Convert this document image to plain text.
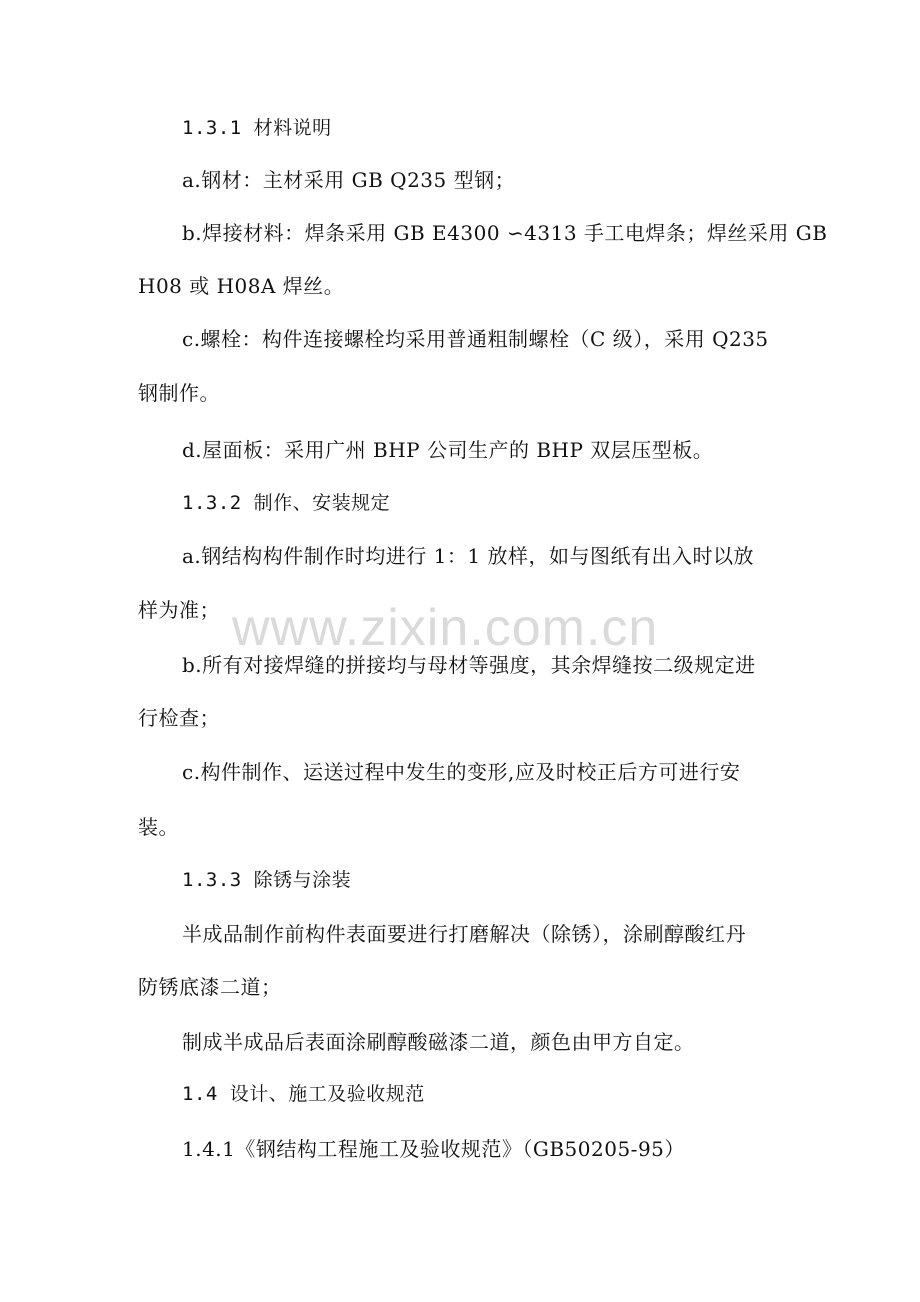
www.zixin.com.cn
1.3.1 材料说明
a.钢材：主材采用 GB Q235 型钢；
b.焊接材料：焊条采用 GB E4300 ∽4313 手工电焊条；焊丝采用 GB
H08 或 H08A 焊丝。
c.螺栓：构件连接螺栓均采用普通粗制螺栓（C 级），采用 Q235
钢制作。
d.屋面板：采用广州 BHP 公司生产的 BHP 双层压型板。
1.3.2 制作、安装规定
a.钢结构构件制作时均进行 1：1 放样，如与图纸有出入时以放
样为准；
b.所有对接焊缝的拼接均与母材等强度，其余焊缝按二级规定进
行检查；
c.构件制作、运送过程中发生的变形,应及时校正后方可进行安
装。
1.3.3 除锈与涂装
半成品制作前构件表面要进行打磨解决（除锈），涂刷醇酸红丹
防锈底漆二道；
制成半成品后表面涂刷醇酸磁漆二道，颜色由甲方自定。
1.4 设计、施工及验收规范
1.4.1《钢结构工程施工及验收规范》（GB50205-95）
